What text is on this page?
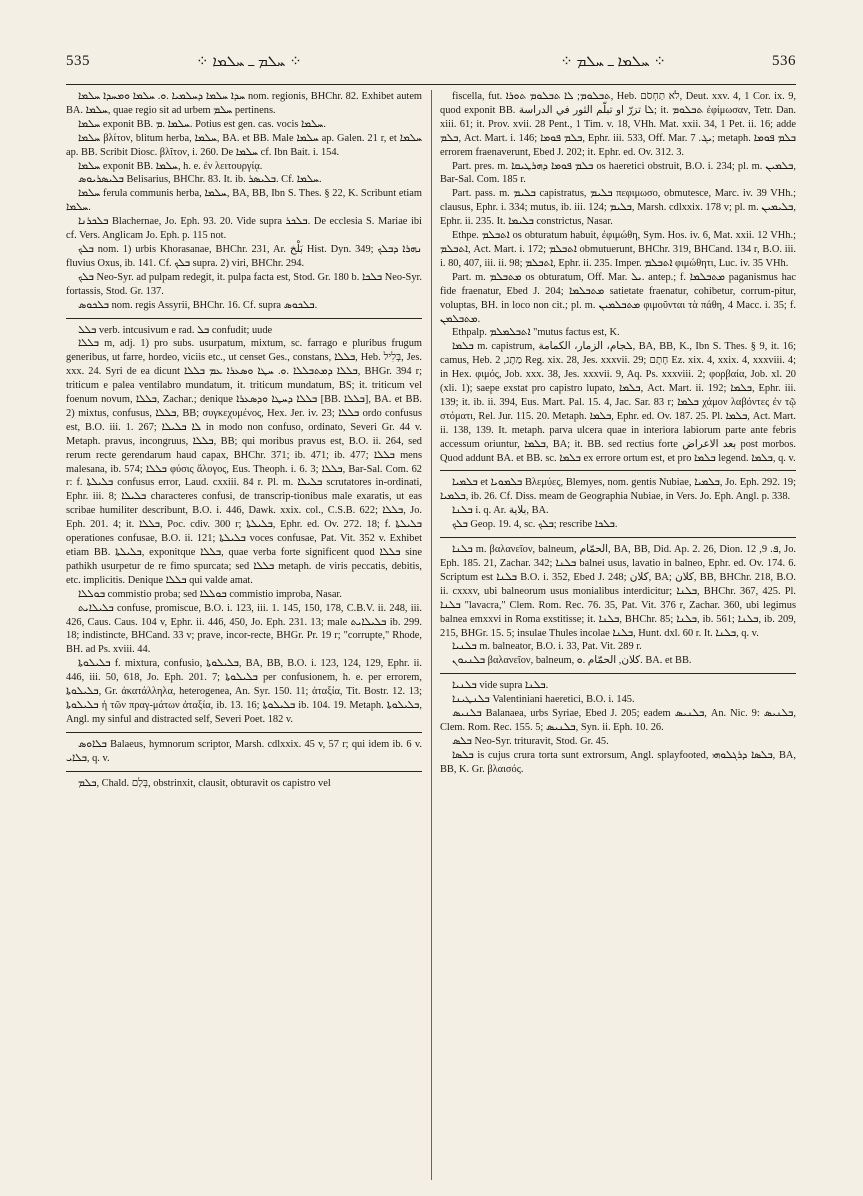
535	⁘ ܚܠܡ ـ ܚܠܡܐ ⁘	⁘ ܚܠܡܐ ـ ܚܠܡ ⁘	536

ܚܕܐ ܚܠܡܐ ܕܚܠܡܝܐ .ܘ. ܚܠܡܐ ܘܡܚܕܐ ܚܠܡܐ nom. regionis, BHChr. 82. Exhibet autem BA. ܚܠܡܐ, quae regio sit ad urbem ܚܠܡ pertinens.

ܚܠܡܐ exponit BB. ܚܠܡܐ .ܡ. Potius est gen. cas. vocis ܚܠܡܐ.

ܚܠܡܐ βλίτον, blitum herba, ܚܠܡܐ, BA. et BB. Male ܚܠܡܐ ap. Galen. 21 r, et ܚܠܡܐ ap. BB. Scribit Diosc. βλῖτον, i. 260. De ܚܠܡܐ cf. Ibn Bait. i. 154.

ܚܠܡܐ exponit BB. ܚܠܡܐ, h. e. ἐν λειτουργίᾳ.

ܒܠܝܣܪܝܘܣ Belisarius, BHChr. 83. It. ib. ܒܠܝܣܪ. Cf. ܚܠܡܐ.

ܚܠܡܐ ferula communis herba, ܚܠܡܐ, BA, BB, Ibn S. Thes. § 22, K. Scribunt etiam ܚܠܡܐ.

ܒܠܟܪܢܐ Blachernae, Jo. Eph. 93. 20. Vide supra ܒܠܟܪ. De ecclesia S. Mariae ibi cf. Vers. Anglicam Jo. Eph. p. 115 not.

ܒܠܟ nom. 1) urbis Khorasanae, BHChr. 231, Ar. بَلْخ Hist. Dyn. 349; ܢܗܪܐ ܕܒܠܟ fluvius Oxus, ib. 141. Cf. ܒܠܟ supra. 2) viri, BHChr. 294.

ܒܠܟ Neo-Syr. ad pulpam redegit, it. pulpa facta est, Stod. Gr. 180 b. ܒܠܟܐ Neo-Syr. fortassis, Stod. Gr. 137.

ܒܠܟܘܣ nom. regis Assyrii, BHChr. 16. Cf. supra ܒܠܟܘܣ.

ܒܠܠ verb. intcusivum e rad. ܒܠ confudit; uude

ܒܠܠܐ m, adj. 1) pro subs. usurpatum, mixtum, sc. farrago e pluribus frugum generibus, ut farre, hordeo, viciis etc., ut censet Ges., constans, ܒܠܠܐ, Heb. בְּלִיל, Jes. xxx. 24. Syri de ea dicunt ܒܠܠܐ ܕܡܬܒܠܠܐ .ܘ. ܚܛܐ ܘܣܥܪܐ ܥܡ ܒܠܠܐ, BHGr. 394 r; triticum e palea ventilabro mundatum, it. triticum mundatum, BS; it. triticum vel foenum novum, ܒܠܠܐ, Zachar.; denique ܒܠܠܐ ܕܚܛܐ ܘܕܣܥܪܐ [BB. ܒܠܠܐ], BA. et BB. 2) mixtus, confusus, ܒܠܠܐ, BB; συγκεχυμένος, Hex. Jer. iv. 23; ܒܠܠܐ ordo confusus est, B.O. iii. 1. 267; ܠܐ ܒܠܝܠܐ in modo non confuso, ordinato, Severi Gr. 44 v. Metaph. pravus, incongruus, ܒܠܠܐ, BB; qui moribus pravus est, B.O. ii. 264, sed rerum recte gerendarum haud capax, BHChr. 371; ib. 471; ib. 477; ܒܠܠܐ mens malesana, ib. 574; ܒܠܠܐ φύσις ἄλογος, Eus. Theoph. i. 6. 3; ܒܠܠܐ, Bar-Sal. Com. 62 r: f. ܒܠܝܠܬܐ confusus error, Laud. cxxiii. 84 r. Pl. m. ܒܠܝܠܐ scrutatores in-ordinati, Ephr. iii. 8; ܒܠܝܠܐ characteres confusi, de transcrip-tionibus male exaratis, ut eas scribae humiliter describunt, B.O. i. 446, Dawk. xxix. col., C.S.B. 622; ܒܠܠܐ, Jo. Eph. 201. 4; it. ܒܠܠܐ, Poc. cdiv. 300 r; ܒܠܝܠܬܐ, Ephr. ed. Ov. 272. 18; f. ܒܠܝܠܬܐ operationes confusae, B.O. ii. 121; ܒܠܝܠܬܐ voces confusae, Pat. Vit. 352 v. Exhibet etiam BB. ܒܠܝܠܬܐ, exponitque ܒܠܠܐ, quae verba forte significent quod ܒܠܠܐ sine pathikh usurpetur de re fimo spurcata; sed ܒܠܠܐ metaph. de viris peccatis, debitis, etc. implicitis. Denique ܒܠܠܐ qui valde amat.

ܒܘܠܠܐ commistio proba; sed ܒܘܠܠܐ commistio improba, Nasar.

ܒܠܝܠܐܝܬ confuse, promiscue, B.O. i. 123, iii. 1. 145, 150, 178, C.B.V. ii. 248, iii. 426, Caus. Caus. 104 v, Ephr. ii. 446, 450, Jo. Eph. 231. 13; male ܒܠܝܠܐܝܬ ib. 299. 18; indistincte, BHCand. 33 v; prave, incor-recte, BHGr. Pr. 19 r; "corrupte," Rhode, BH. ad Ps. xviii. 44.

ܒܠܝܠܘܬܐ f. mixtura, confusio, ܒܠܝܠܘܬܐ, BA, BB, B.O. i. 123, 124, 129, Ephr. ii. 446, iii. 50, 618, Jo. Eph. 201. 7; ܒܠܝܠܘܬܐ per confusionem, h. e. per errorem, ܒܠܝܠܘܬܐ, Gr. ἀκατάλληλα, heterogenea, An. Syr. 150. 11; ἀταξία, Tit. Bostr. 12. 13; ܒܠܝܠܘܬܐ ἡ τῶν πραγ-μάτων ἀταξία, ib. 13. 16; ܒܠܝܠܘܬܐ ib. 104. 19. Metaph. ܒܠܝܠܘܬܐ, Angl. my sinful and distracted self, Severi Poet. 182 v.

ܒܠܐܘܣ Balaeus, hymnorum scriptor, Marsh. cdlxxix. 45 v, 57 r; qui idem ib. 6 v. ܒܠܐܝ, q. v.

ܒܠܡ, Chald. בְּלַם, obstrinxit, clausit, obturavit os capistro vel

fiscella, fut. ܬܒܠܘܡ; ܠܐ ܬܒܠܘܡ ܬܘܪܐ, Heb. לֹא תַחְסֹם, Deut. xxv. 4, 1 Cor. ix. 9, quod exponit BB. ܠا تزرّ او تبلّم الثور في الدراسة; it. ܬܒܠܘܡ ἐφίμωσαν, Tetr. Dan. xiii. 61; it. Prov. xvii. 28 Pent., 1 Tim. v. 18, VHh. Mat. xxii. 34, 1 Pet. ii. 16; adde ܒܠܡ, Act. Mart. i. 146; ܒܠܡ ܦܘܡܐ, Ephr. iii. 533, Off. Mar. ܝܓ. 7; metaph. ܒܠܡ ܦܘܡܐ errorem fraenaverunt, Ebed J. 202; it. Ephr. ed. Ov. 312. 3.

Part. pres. m. ܒܠܡ ܦܘܡܐ ܕܗܪܛܝܩܐ os haeretici obstruit, B.O. i. 234; pl. m. ܒܠܡܝܢ, Bar-Sal. Com. 185 r.

Part. pass. m. ܒܠܝܡ capistratus, ܒܠܝܡ πεφιμωσο, obmutesce, Marc. iv. 39 VHh.; clausus, Ephr. i. 334; mutus, ib. iii. 124; ܒܠܝܡ, Marsh. cdlxxix. 178 v; pl. m. ܒܠܝܡܝܢ, Ephr. ii. 235. It. ܒܠܝܡܐ constrictus, Nasar.

Ethpe. ܐܬܒܠܡ os obturatum habuit, ἐφιμώθη, Sym. Hos. iv. 6, Mat. xxii. 12 VHh.; ܐܬܒܠܡ, Act. Mart. i. 172; ܐܬܒܠܡ obmutuerunt, BHChr. 319, BHCand. 134 r, B.O. iii. i. 80, 407, iii. ii. 98; ܐܬܒܠܡ, Ephr. ii. 235. Imper. ܐܬܒܠܡ φιμώθητι, Luc. iv. 35 VHh.

Part. m. ܡܬܒܠܡ os obturatum, Off. Mar. ܝܠ. antep.; f. ܡܬܒܠܡܐ paganismus hac fide fraenatur, Ebed J. 204; ܡܬܒܠܡܐ satietate fraenatur, cohibetur, corrum-pitur, voluptas, BH. in loco non cit.; pl. m. ܡܬܒܠܡܝܢ φιμοῦνται τὰ πάθη, 4 Macc. i. 35; f. ܡܬܒܠܡܢ.

Ethpalp. ܐܬܒܠܡܠܡ "mutus factus est, K.

ܒܠܡܐ m. capistrum, ܠجام، الزمار، الكمامة, BA, BB, K., Ibn S. Thes. § 9, it. 16; camus, Heb. מַתֶג, 2 Reg. xix. 28, Jes. xxxvii. 29; חָתָם Ez. xix. 4, xxix. 4, xxxviii. 4; in Hex. φιμός, Job. xxx. 38, Jes. xxxvii. 9, Aq. Ps. xxxviii. 2; φορβαία, Job. xl. 20 (xli. 1); saepe exstat pro capistro lupato, ܒܠܡܐ, Act. Mart. ii. 192; ܒܠܡܐ, Ephr. iii. 139; it. ib. ii. 394, Eus. Mart. Pal. 15. 4, Jac. Sar. 83 r; ܒܠܡܐ χάμον λαβόντες ἐν τῷ στόματι, Rel. Jur. 115. 20. Metaph. ܒܠܡܐ, Ephr. ed. Ov. 187. 25. Pl. ܒܠܡܐ, Act. Mart. ii. 138, 139. It. metaph. parva ulcera quae in interiora labiorum parte ante febris accessum oriuntur, ܒܠܡܐ, BA; it. BB. sed rectius forte بعد الاعراض post morbos. Quod addunt BA. et BB. sc. ܒܠܡܐ ex errore ortum est, et pro ܒܠܡܐ legend. ܒܠܡܐ, q. v.

ܒܠܡܝܐ et ܒܠܡܘܝܐ Βλεμύες, Blemyes, nom. gentis Nubiae, ܒܠܡܝܐ, Jo. Eph. 292. 19; ܒܠܡܝܐ, ib. 26. Cf. Diss. meam de Geographia Nubiae, in Vers. Jo. Eph. Angl. p. 338.

ܒܠܢܐ i. q. Ar. بلاية, BA.

ܒܠܟ Geop. 19. 4, sc. ܒܠܟ; rescribe ܒܠܟܐ.

ܒܠܢܐ m. βαλανεῖον, balneum, الحمّام, BA, BB, Did. Ap. 2. 26, Dion. ܦ. 9, 12, Jo. Eph. 185. 21, Zachar. 342; ܒܠܢܐ balnei usus, lavatio in balneo, Ephr. ed. Ov. 174. 6. Scriptum est ܒܠܢܐ B.O. i. 352, Ebed J. 248; كلان, BA; كلان, BB, BHChr. 218, B.O. ii. cxxxv, ubi balneorum usus monialibus interdicitur; ܒܠܢܐ, BHChr. 367, 425. Pl. ܒܠܢܐ "lavacra," Clem. Rom. Rec. 76. 35, Pat. Vit. 376 r, Zachar. 360, ubi legimus balnea emxxvi in Roma exstitisse; it. ܒܠܢܐ, BHChr. 85; ܒܠܢܐ, ib. 561; ܒܠܢܐ, ib. 209, 215, BHGr. 15. 5; insulae Thules incolae ܒܠܢܐ, Hunt. dxl. 60 r. It. ܒܠܢܐ, q. v.

ܒܠܢܝܐ m. balneator, B.O. i. 33, Pat. Vit. 289 r.

ܒܠܢܝܘܢ βαλανεῖον, balneum, كلان, الحمّام .ܘ. BA. et BB.

ܒܠܢܝܐ vide supra ܒܠܢܐ.

ܒܠܢܛܝܢܐ Valentiniani haeretici, B.O. i. 145.

ܒܠܢܝܣ Balanaea, urbs Syriae, Ebed J. 205; eadem ܒܠܢܝܣ, An. Nic. 9: ܒܠܢܝܣ, Clem. Rom. Rec. 155. 5; ܒܠܢܝܣ, Syn. ii. Eph. 10. 26.

ܒܠܣ Neo-Syr. trituravit, Stod. Gr. 45.

ܒܠܣܐ is cujus crura torta sunt extrorsum, Angl. splayfooted, ܒܠܣܐ ܕܪܓܠܘܗܝ, BA, BB, K. Gr. βλαισός.
